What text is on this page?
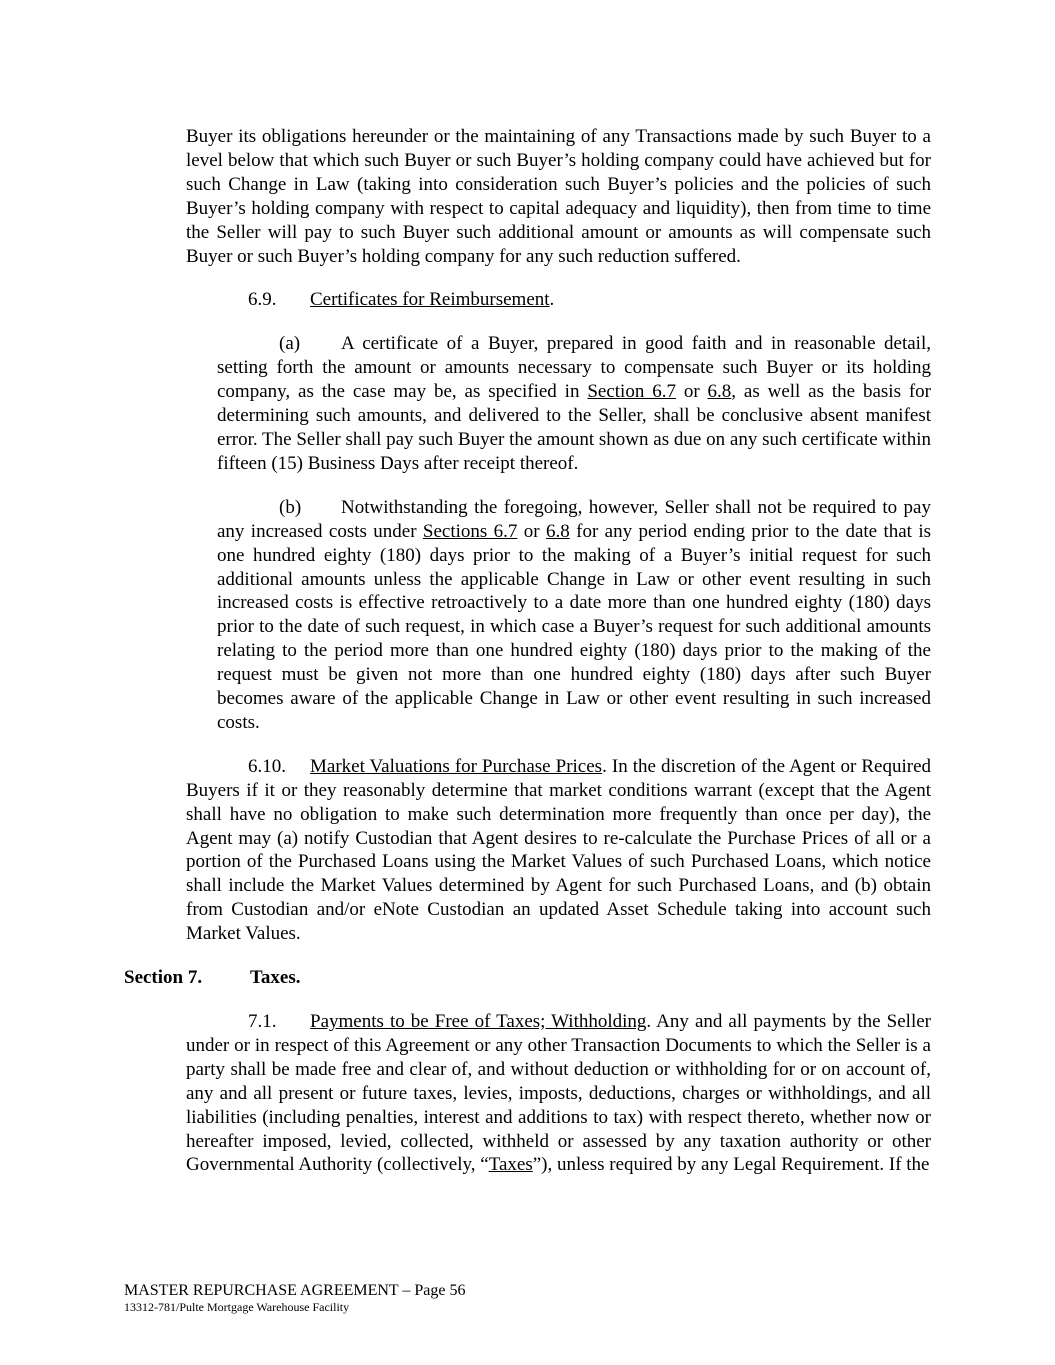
Buyer its obligations hereunder or the maintaining of any Transactions made by such Buyer to a level below that which such Buyer or such Buyer’s holding company could have achieved but for such Change in Law (taking into consideration such Buyer’s policies and the policies of such Buyer’s holding company with respect to capital adequacy and liquidity), then from time to time the Seller will pay to such Buyer such additional amount or amounts as will compensate such Buyer or such Buyer’s holding company for any such reduction suffered.
6.9. Certificates for Reimbursement.
(a) A certificate of a Buyer, prepared in good faith and in reasonable detail, setting forth the amount or amounts necessary to compensate such Buyer or its holding company, as the case may be, as specified in Section 6.7 or 6.8, as well as the basis for determining such amounts, and delivered to the Seller, shall be conclusive absent manifest error. The Seller shall pay such Buyer the amount shown as due on any such certificate within fifteen (15) Business Days after receipt thereof.
(b) Notwithstanding the foregoing, however, Seller shall not be required to pay any increased costs under Sections 6.7 or 6.8 for any period ending prior to the date that is one hundred eighty (180) days prior to the making of a Buyer’s initial request for such additional amounts unless the applicable Change in Law or other event resulting in such increased costs is effective retroactively to a date more than one hundred eighty (180) days prior to the date of such request, in which case a Buyer’s request for such additional amounts relating to the period more than one hundred eighty (180) days prior to the making of the request must be given not more than one hundred eighty (180) days after such Buyer becomes aware of the applicable Change in Law or other event resulting in such increased costs.
6.10. Market Valuations for Purchase Prices. In the discretion of the Agent or Required Buyers if it or they reasonably determine that market conditions warrant (except that the Agent shall have no obligation to make such determination more frequently than once per day), the Agent may (a) notify Custodian that Agent desires to re-calculate the Purchase Prices of all or a portion of the Purchased Loans using the Market Values of such Purchased Loans, which notice shall include the Market Values determined by Agent for such Purchased Loans, and (b) obtain from Custodian and/or eNote Custodian an updated Asset Schedule taking into account such Market Values.
Section 7.	Taxes.
7.1. Payments to be Free of Taxes; Withholding. Any and all payments by the Seller under or in respect of this Agreement or any other Transaction Documents to which the Seller is a party shall be made free and clear of, and without deduction or withholding for or on account of, any and all present or future taxes, levies, imposts, deductions, charges or withholdings, and all liabilities (including penalties, interest and additions to tax) with respect thereto, whether now or hereafter imposed, levied, collected, withheld or assessed by any taxation authority or other Governmental Authority (collectively, “Taxes”), unless required by any Legal Requirement. If the
MASTER REPURCHASE AGREEMENT – Page 56
13312-781/Pulte Mortgage Warehouse Facility
